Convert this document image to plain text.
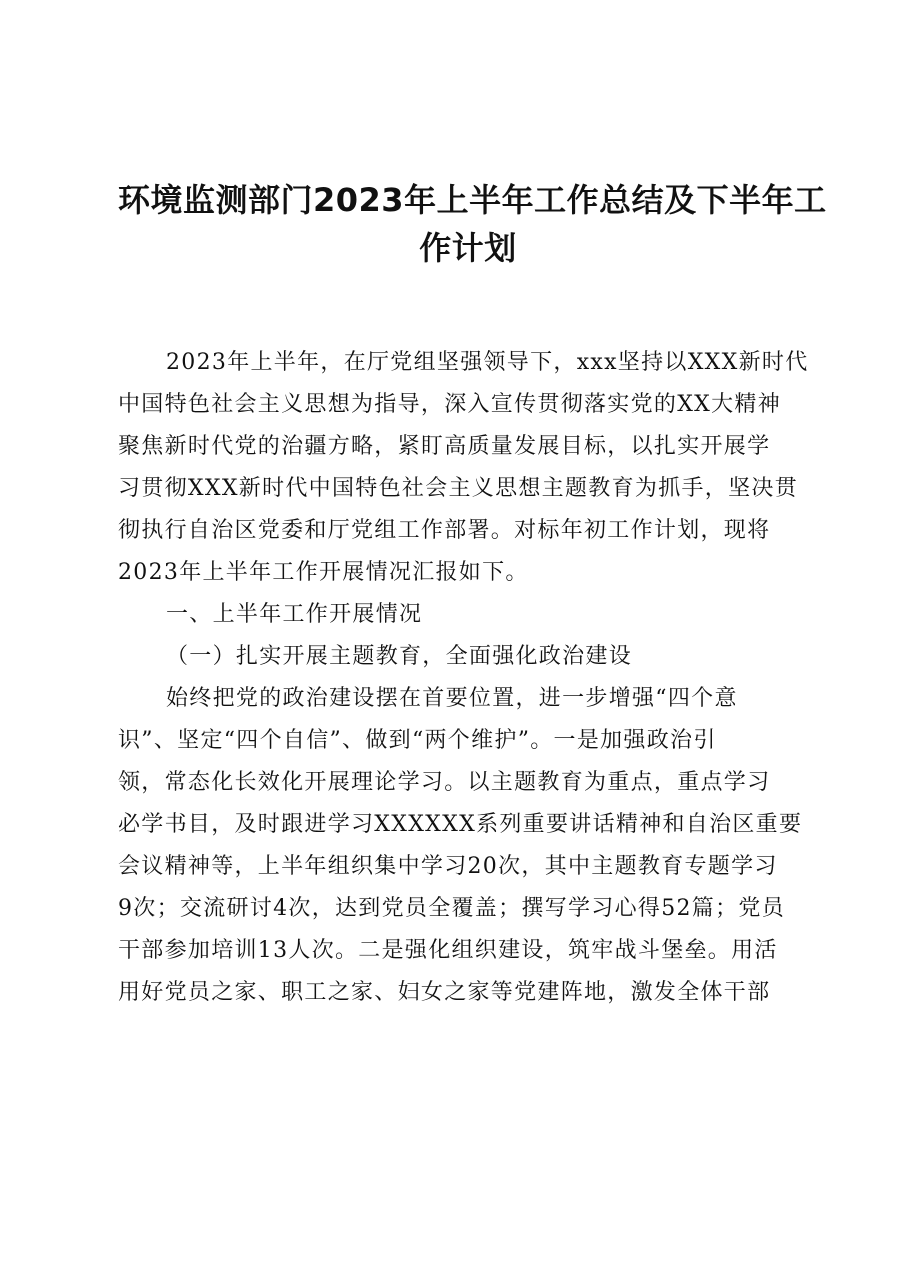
环境监测部门2023年上半年工作总结及下半年工
作计划
2023年上半年，在厅党组坚强领导下，xxx坚持以XXX新时代
中国特色社会主义思想为指导，深入宣传贯彻落实党的XX大精神
聚焦新时代党的治疆方略，紧盯高质量发展目标，以扎实开展学
习贯彻XXX新时代中国特色社会主义思想主题教育为抓手，坚决贯
彻执行自治区党委和厅党组工作部署。对标年初工作计划，现将
2023年上半年工作开展情况汇报如下。
一、上半年工作开展情况
（一）扎实开展主题教育，全面强化政治建设
始终把党的政治建设摆在首要位置，进一步增强“四个意
识”、坚定“四个自信”、做到“两个维护”。一是加强政治引
领，常态化长效化开展理论学习。以主题教育为重点，重点学习
必学书目，及时跟进学习XXXXXX系列重要讲话精神和自治区重要
会议精神等，上半年组织集中学习20次，其中主题教育专题学习
9次；交流研讨4次，达到党员全覆盖；撰写学习心得52篇；党员
干部参加培训13人次。二是强化组织建设，筑牢战斗堡垒。用活
用好党员之家、职工之家、妇女之家等党建阵地，激发全体干部
